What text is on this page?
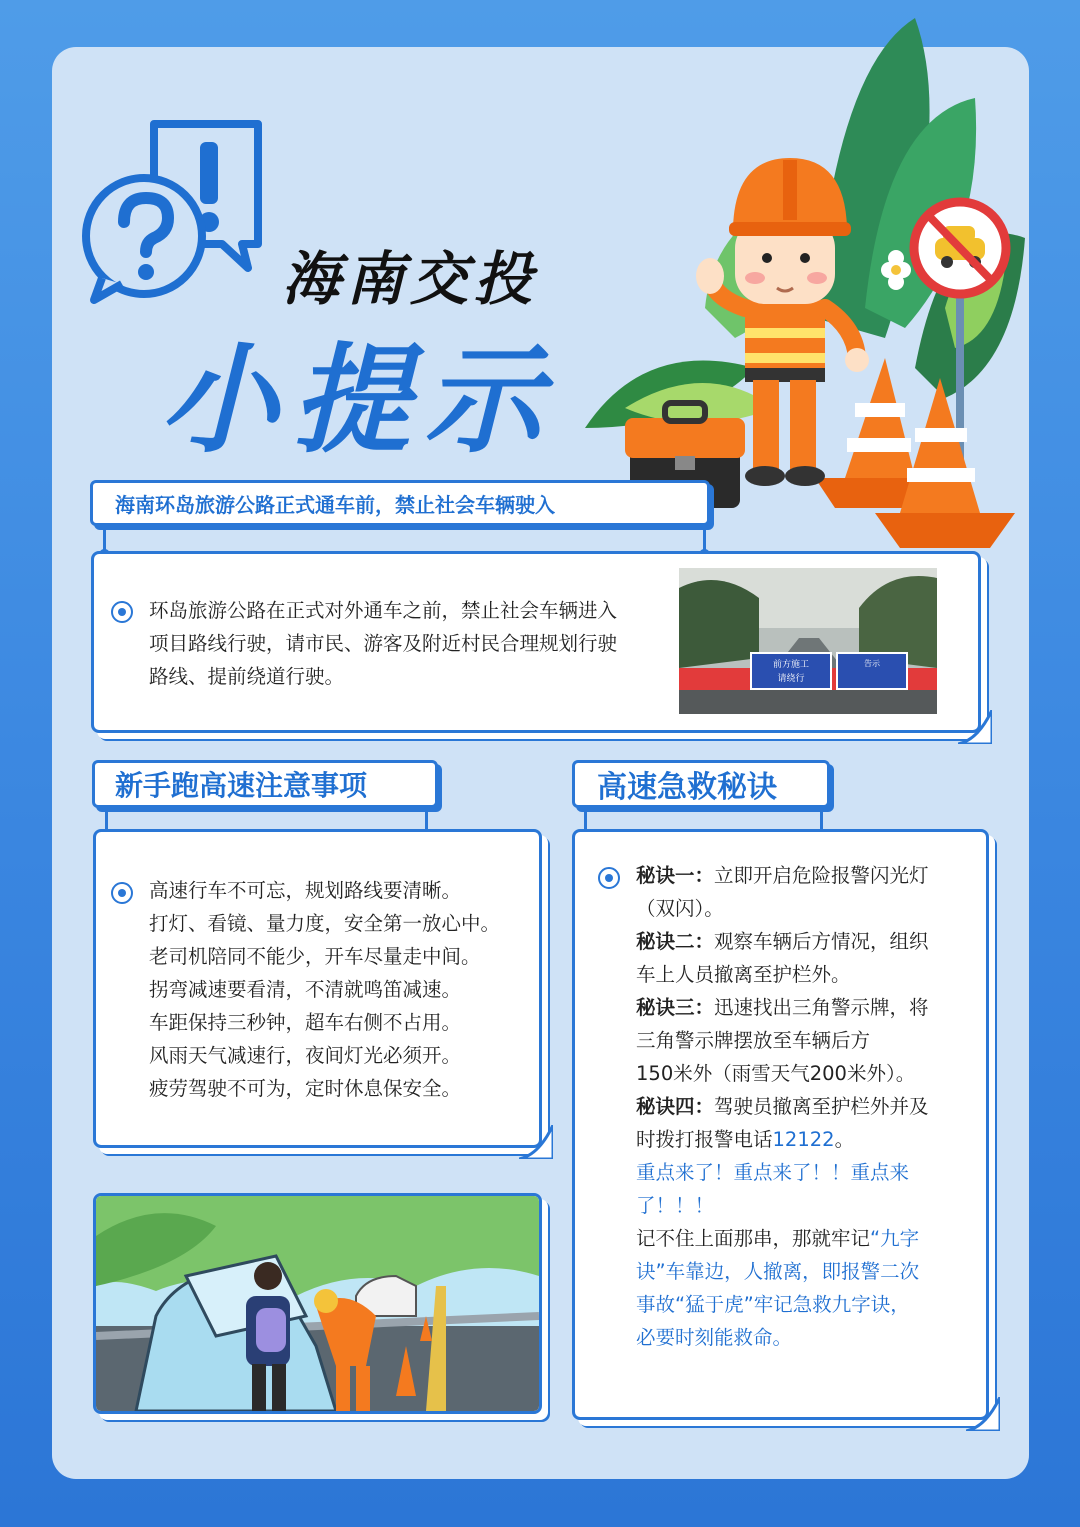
海南交投
小提示
海南环岛旅游公路正式通车前，禁止社会车辆驶入
环岛旅游公路在正式对外通车之前，禁止社会车辆进入
项目路线行驶，请市民、游客及附近村民合理规划行驶
路线、提前绕道行驶。	前方施工
请绕行
告示
新手跑高速注意事项
高速行车不可忘，规划路线要清晰。
打灯、看镜、量力度，安全第一放心中。
老司机陪同不能少，开车尽量走中间。
拐弯减速要看清，不清就鸣笛减速。
车距保持三秒钟，超车右侧不占用。
风雨天气减速行，夜间灯光必须开。
疲劳驾驶不可为，定时休息保安全。
高速急救秘诀
秘诀一：立即开启危险报警闪光灯
（双闪）。
秘诀二：观察车辆后方情况，组织
车上人员撤离至护栏外。
秘诀三：迅速找出三角警示牌，将
三角警示牌摆放至车辆后方
150米外（雨雪天气200米外）。
秘诀四：驾驶员撤离至护栏外并及
时拨打报警电话12122。
重点来了！重点来了！！重点来
了！！！
记不住上面那串，那就牢记“九字
诀”车靠边，人撤离，即报警二次
事故“猛于虎”牢记急救九字诀，
必要时刻能救命。
